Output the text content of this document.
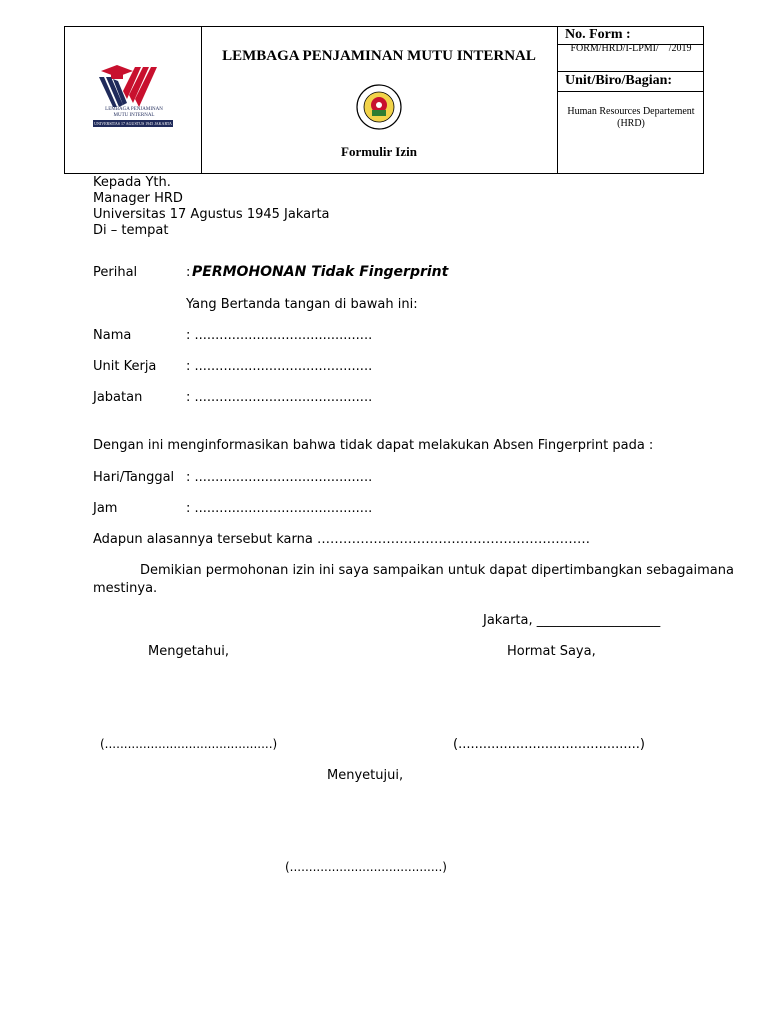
LEMBAGA PENJAMINAN
MUTU INTERNAL
UNIVERSITAS 17 AGUSTUS 1945 JAKARTA
LEMBAGA PENJAMINAN MUTU INTERNAL
Formulir Izin
No. Form :
FORM/HRD/I-LPMI/    /2019
Unit/Biro/Bagian:
Human Resources Departement
(HRD)
Kepada Yth.
Manager HRD
Universitas 17 Agustus 1945 Jakarta
Di – tempat
Perihal	: PERMOHONAN Tidak Fingerprint
Yang Bertanda tangan di bawah ini:
Nama	: ...........................................
Unit Kerja : ...........................................
Jabatan	: ...........................................
Dengan ini menginformasikan bahwa tidak dapat melakukan Absen Fingerprint pada :
Hari/Tanggal : ...........................................
Jam	: ...........................................
Adapun alasannya tersebut karna ………………………………………………………
Demikian permohonan izin ini saya sampaikan untuk dapat dipertimbangkan sebagaimana
mestinya.
Jakarta, ___________________
Mengetahui,	Hormat Saya,
(............................................)	(............................................)
Menyetujui,
(........................................)
